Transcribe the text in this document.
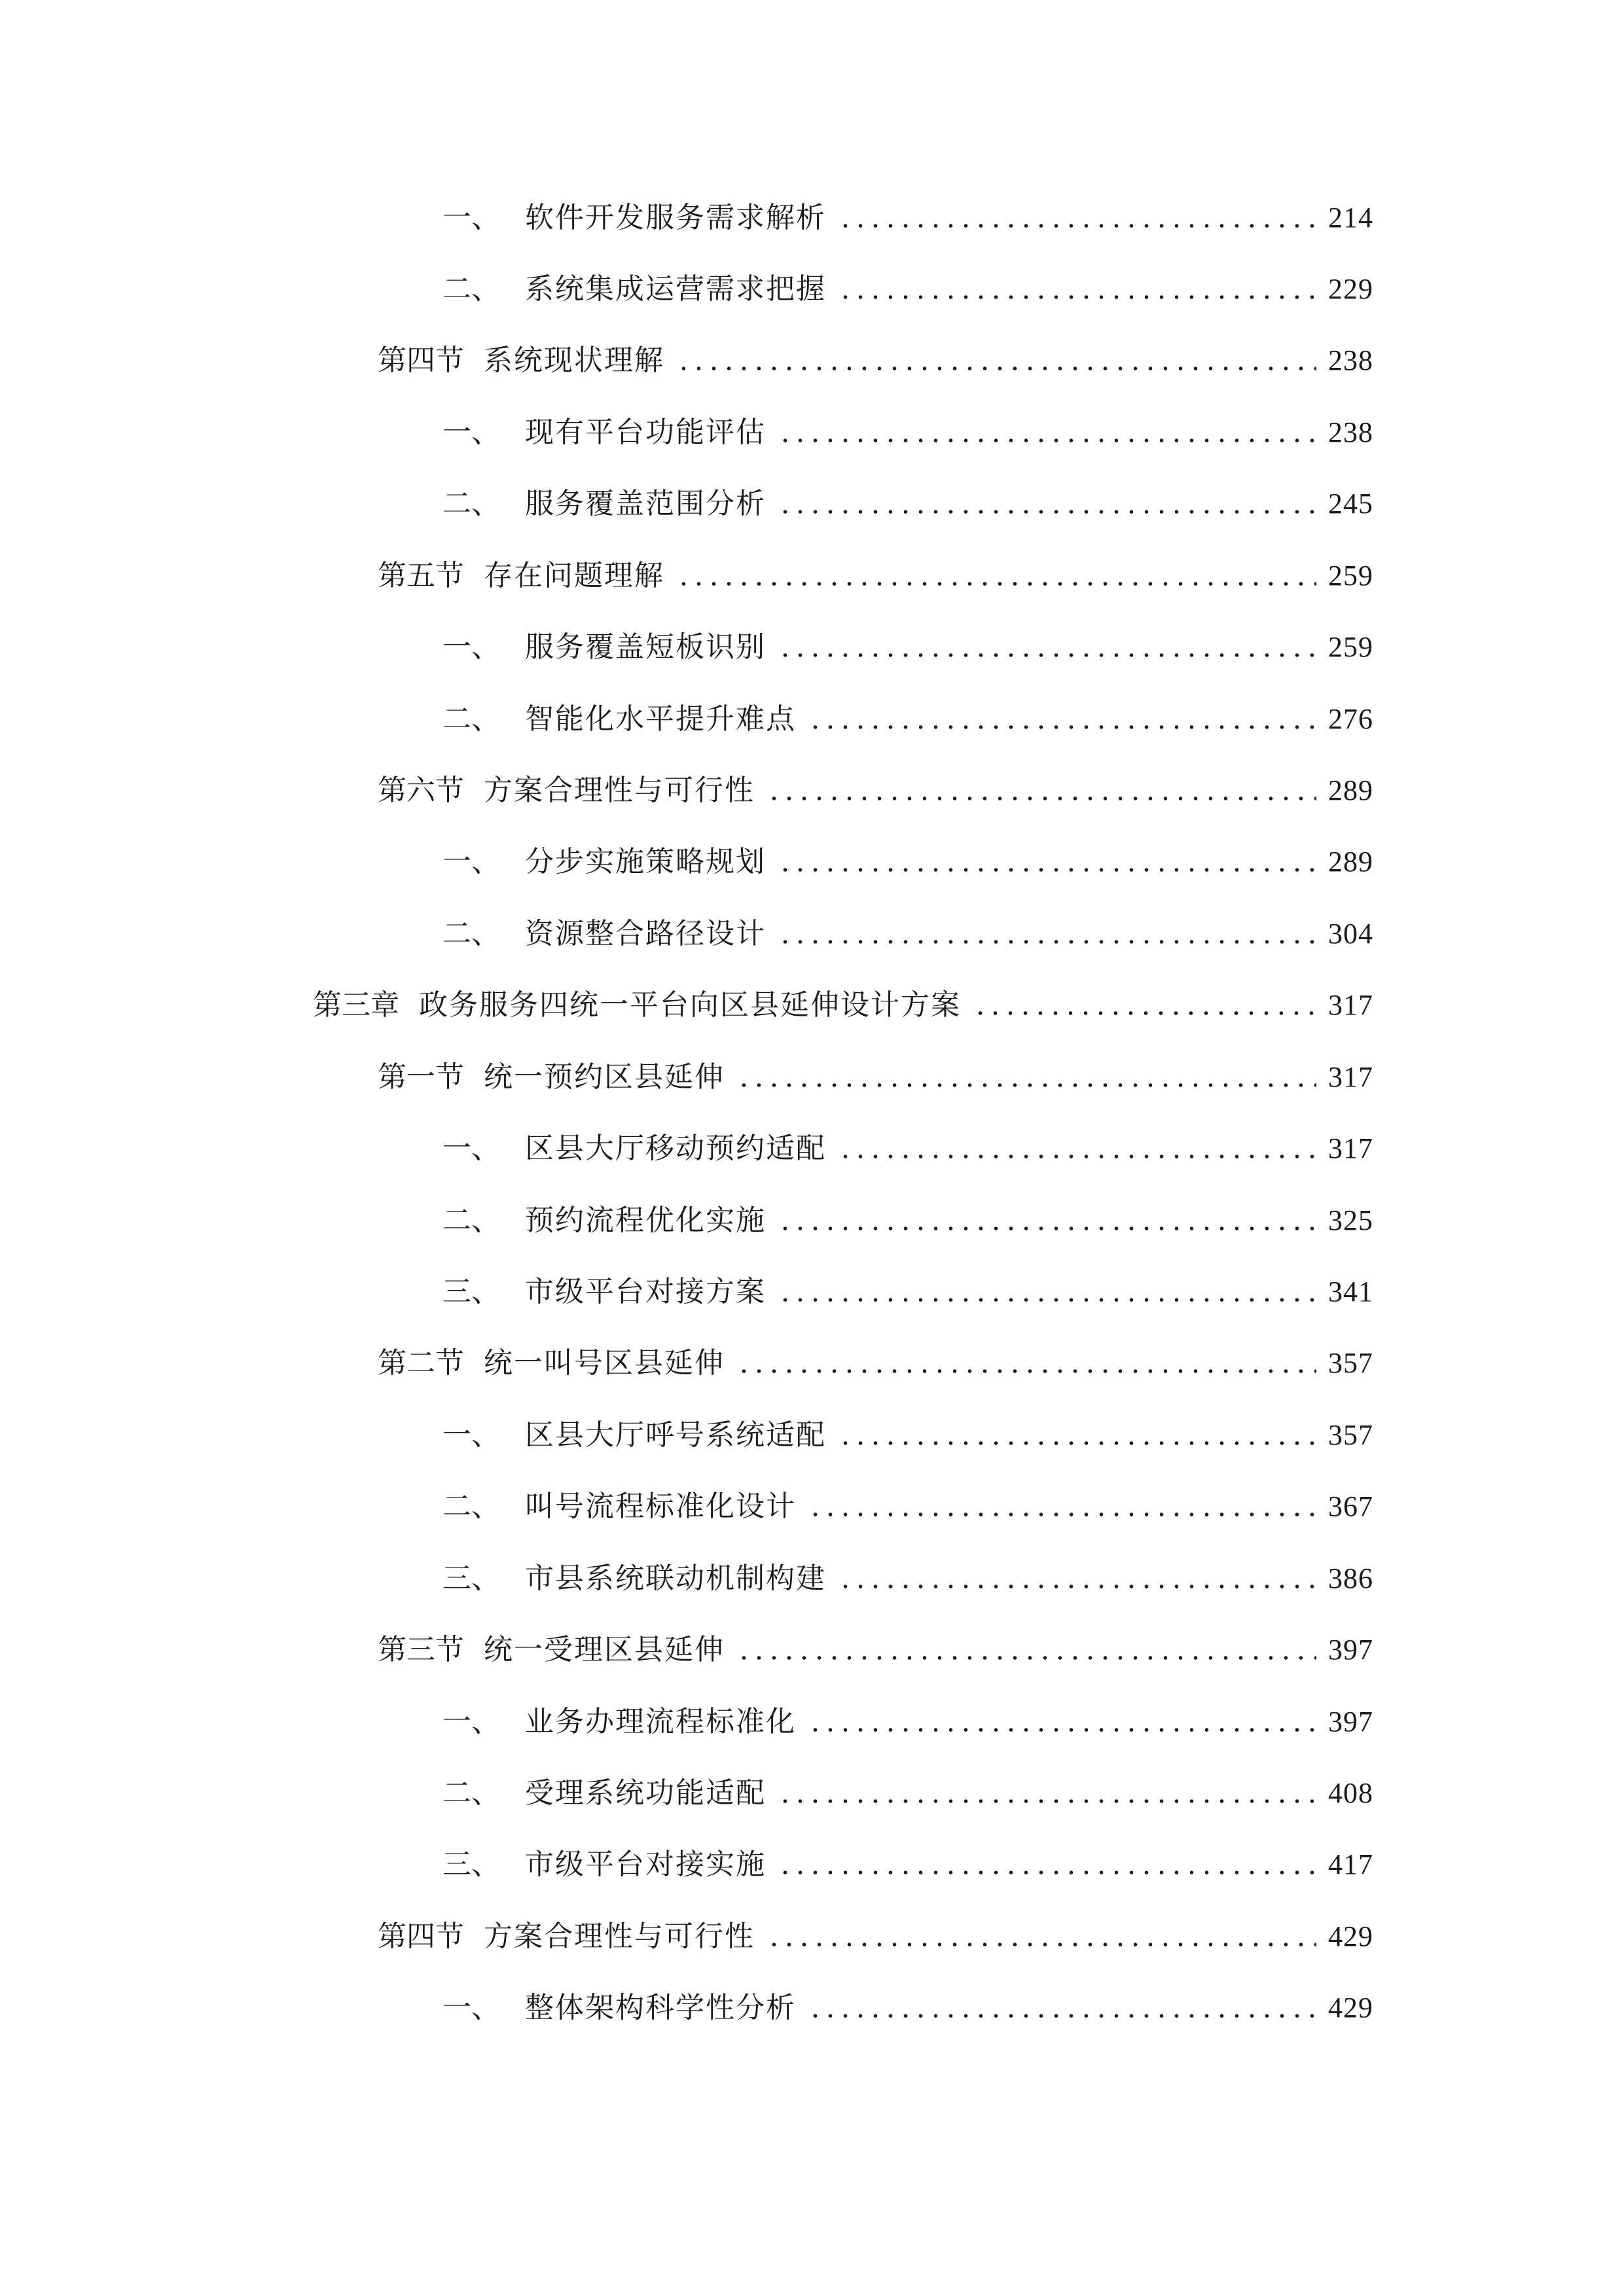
一、 软件开发服务需求解析	214
二、 系统集成运营需求把握	229
第四节 系统现状理解	238
一、 现有平台功能评估	238
二、 服务覆盖范围分析	245
第五节 存在问题理解	259
一、 服务覆盖短板识别	259
二、 智能化水平提升难点	276
第六节 方案合理性与可行性	289
一、 分步实施策略规划	289
二、 资源整合路径设计	304
第三章 政务服务四统一平台向区县延伸设计方案	317
第一节 统一预约区县延伸	317
一、 区县大厅移动预约适配	317
二、 预约流程优化实施	325
三、 市级平台对接方案	341
第二节 统一叫号区县延伸	357
一、 区县大厅呼号系统适配	357
二、 叫号流程标准化设计	367
三、 市县系统联动机制构建	386
第三节 统一受理区县延伸	397
一、 业务办理流程标准化	397
二、 受理系统功能适配	408
三、 市级平台对接实施	417
第四节 方案合理性与可行性	429
一、 整体架构科学性分析	429
